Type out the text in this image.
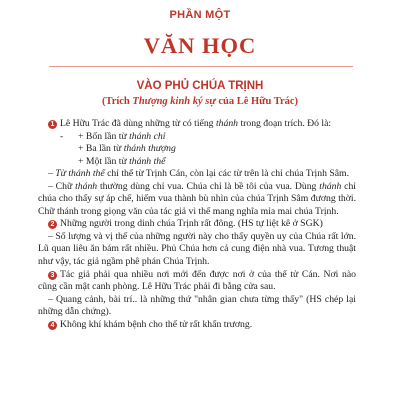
PHẦN MỘT
VĂN HỌC
VÀO PHỦ CHÚA TRỊNH
(Trích Thượng kinh ký sự của Lê Hữu Trác)

1 Lê Hữu Trác đã dùng những từ có tiếng thánh trong đoạn trích. Đó là:

- + Bốn lần từ thánh chỉ

+ Ba lần từ thánh thượng

+ Một lần từ thánh thể

– Từ thánh thể chỉ thể từ Trịnh Cán, còn lại các từ trên là chỉ chúa Trịnh Sâm.

– Chữ thánh thường dùng chỉ vua. Chúa chỉ là bề tôi của vua. Dùng thánh chỉ chúa cho thấy sự áp chế, hiếm vua thành bù nhìn của chúa Trịnh Sâm đương thời. Chữ thánh trong giọng văn của tác giả vì thế mang nghĩa mỉa mai chúa Trịnh.

2 Những người trong dinh chúa Trịnh rất đông. (HS tự liệt kê ở SGK)

– Số lượng và vị thế của những người này cho thấy quyền uy của Chúa rất lớn. Lũ quan liêu ăn bám rất nhiều. Phủ Chúa hơn cả cung điện nhà vua. Tương thuật như vậy, tác giả ngầm phê phán Chúa Trịnh.

3 Tác giả phải qua nhiều nơi mới đến được nơi ở của thế tử Cán. Nơi nào cũng cần mật canh phòng. Lê Hữu Trác phải đi bằng cửa sau.

– Quang cảnh, bài trí.. là những thứ "nhân gian chưa từng thấy" (HS chép lại những dẫn chứng).

4 Không khí khám bệnh cho thế tử rất khẩn trương.
